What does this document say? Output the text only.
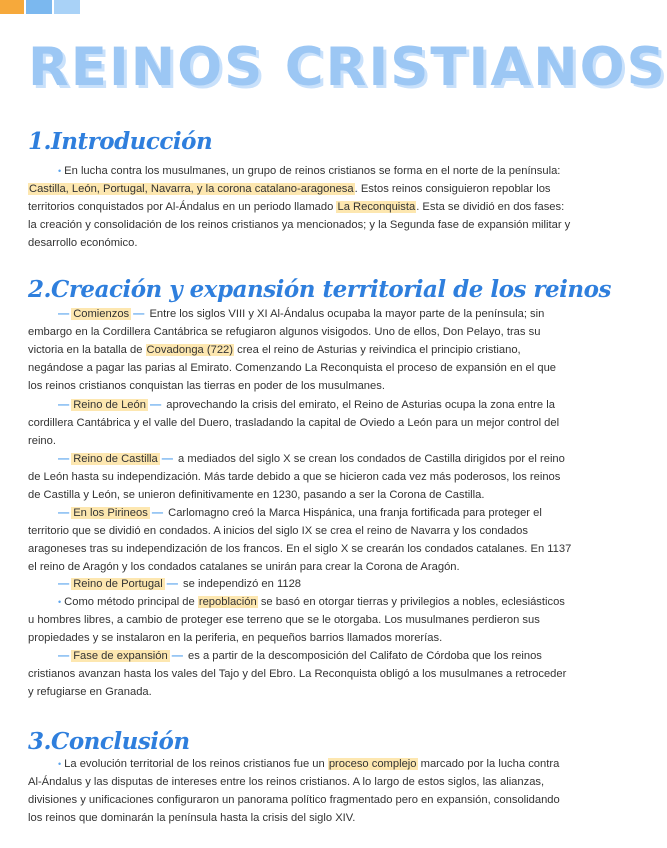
REINOS CRISTIANOS
1.Introducción

• En lucha contra los musulmanes, un grupo de reinos cristianos se forma en el norte de la península: Castilla, León, Portugal, Navarra, y la corona catalano-aragonesa. Estos reinos consiguieron repoblar los territorios conquistados por Al-Ándalus en un periodo llamado La Reconquista. Esta se dividió en dos fases: la creación y consolidación de los reinos cristianos ya mencionados; y la Segunda fase de expansión militar y desarrollo económico.

2.Creación y expansión territorial de los reinos

— Comienzos — Entre los siglos VIII y XI Al-Ándalus ocupaba la mayor parte de la península; sin embargo en la Cordillera Cantábrica se refugiaron algunos visigodos. Uno de ellos, Don Pelayo, tras su victoria en la batalla de Covadonga (722) crea el reino de Asturias y reivindica el principio cristiano, negándose a pagar las parias al Emirato. Comenzando La Reconquista el proceso de expansión en el que los reinos cristianos conquistan las tierras en poder de los musulmanes.

— Reino de León — aprovechando la crisis del emirato, el Reino de Asturias ocupa la zona entre la cordillera Cantábrica y el valle del Duero, trasladando la capital de Oviedo a León para un mejor control del reino.

— Reino de Castilla — a mediados del siglo X se crean los condados de Castilla dirigidos por el reino de León hasta su independización. Más tarde debido a que se hicieron cada vez más poderosos, los reinos de Castilla y León, se unieron definitivamente en 1230, pasando a ser la Corona de Castilla.

— En los Pirineos — Carlomagno creó la Marca Hispánica, una franja fortificada para proteger el territorio que se dividió en condados. A inicios del siglo IX se crea el reino de Navarra y los condados aragoneses tras su independización de los francos. En el siglo X se crearán los condados catalanes. En 1137 el reino de Aragón y los condados catalanes se unirán para crear la Corona de Aragón.

— Reino de Portugal — se independizó en 1128

• Como método principal de repoblación se basó en otorgar tierras y privilegios a nobles, eclesiásticos u hombres libres, a cambio de proteger ese terreno que se le otorgaba. Los musulmanes perdieron sus propiedades y se instalaron en la periferia, en pequeños barrios llamados morerías.

— Fase de expansión — es a partir de la descomposición del Califato de Córdoba que los reinos cristianos avanzan hasta los vales del Tajo y del Ebro. La Reconquista obligó a los musulmanes a retroceder y refugiarse en Granada.

3.Conclusión

• La evolución territorial de los reinos cristianos fue un proceso complejo marcado por la lucha contra Al-Ándalus y las disputas de intereses entre los reinos cristianos. A lo largo de estos siglos, las alianzas, divisiones y unificaciones configuraron un panorama político fragmentado pero en expansión, consolidando los reinos que dominarán la península hasta la crisis del siglo XIV.
